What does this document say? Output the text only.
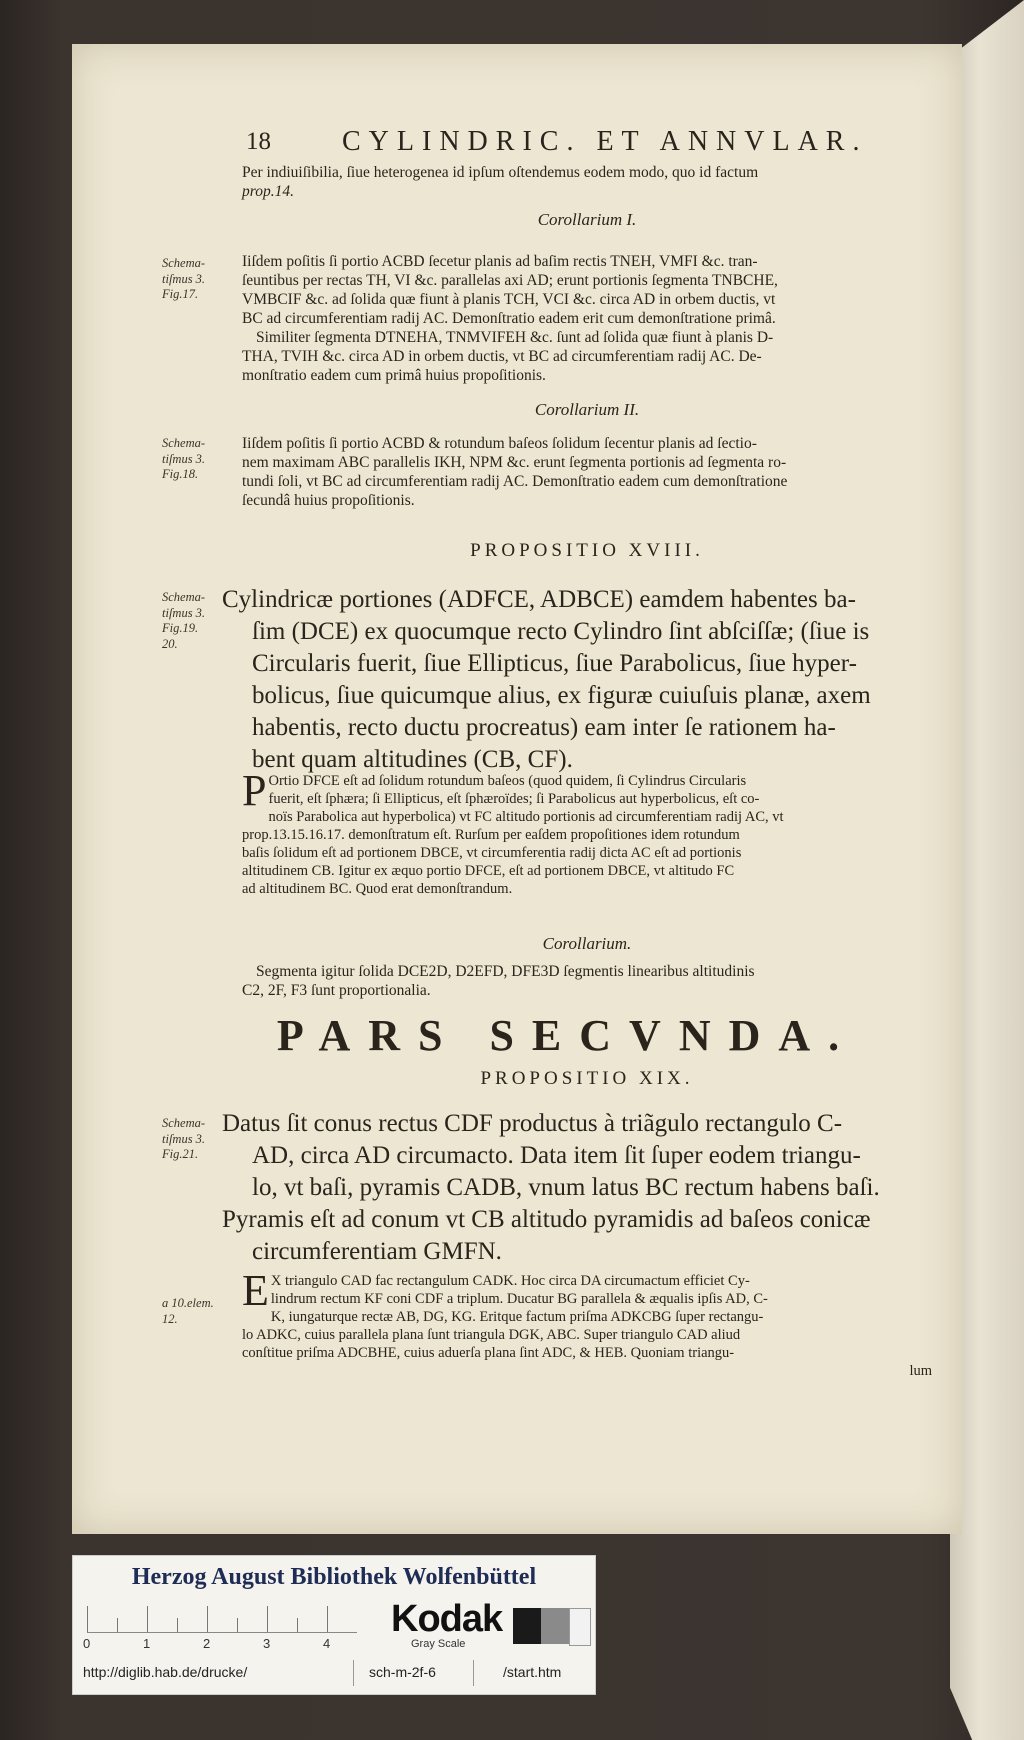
18	CYLINDRIC. ET ANNVLAR.
Per indiuiſibilia, ſiue heterogenea id ipſum oſtendemus eodem modo, quo id factum
prop.14.
Corollarium I.
Schema-
tiſmus 3.
Fig.17.
Iiſdem poſitis ſi portio ACBD ſecetur planis ad baſim rectis TNEH, VMFI &c. tran-
ſeuntibus per rectas TH, VI &c. parallelas axi AD; erunt portionis ſegmenta TNBCHE,
VMBCIF &c. ad ſolida quæ fiunt à planis TCH, VCI &c. circa AD in orbem ductis, vt
BC ad circumferentiam radij AC. Demonſtratio eadem erit cum demonſtratione primâ.
Similiter ſegmenta DTNEHA, TNMVIFEH &c. ſunt ad ſolida quæ fiunt à planis D-
THA, TVIH &c. circa AD in orbem ductis, vt BC ad circumferentiam radij AC. De-
monſtratio eadem cum primâ huius propoſitionis.
Corollarium II.
Schema-
tiſmus 3.
Fig.18.
Iiſdem poſitis ſi portio ACBD & rotundum baſeos ſolidum ſecentur planis ad ſectio-
nem maximam ABC parallelis IKH, NPM &c. erunt ſegmenta portionis ad ſegmenta ro-
tundi ſoli, vt BC ad circumferentiam radij AC. Demonſtratio eadem cum demonſtratione
ſecundâ huius propoſitionis.
PROPOSITIO XVIII.
Schema-
tiſmus 3.
Fig.19.
20.
Cylindricæ portiones (ADFCE, ADBCE) eamdem habentes ba-
ſim (DCE) ex quocumque recto Cylindro ſint abſciſſæ; (ſiue is
Circularis fuerit, ſiue Ellipticus, ſiue Parabolicus, ſiue hyper-
bolicus, ſiue quicumque alius, ex figuræ cuiuſuis planæ, axem
habentis, recto ductu procreatus) eam inter ſe rationem ha-
bent quam altitudines (CB, CF).
P Ortio DFCE eſt ad ſolidum rotundum baſeos (quod quidem, ſi Cylindrus Circularis
fuerit, eſt ſphæra; ſi Ellipticus, eſt ſphæroïdes; ſi Parabolicus aut hyperbolicus, eſt co-
noïs Parabolica aut hyperbolica) vt FC altitudo portionis ad circumferentiam radij AC, vt
prop.13.15.16.17. demonſtratum eſt. Rurſum per eaſdem propoſitiones idem rotundum
baſis ſolidum eſt ad portionem DBCE, vt circumferentia radij dicta AC eſt ad portionis
altitudinem CB. Igitur ex æquo portio DFCE, eſt ad portionem DBCE, vt altitudo FC
ad altitudinem BC. Quod erat demonſtrandum.
Corollarium.
Segmenta igitur ſolida DCE2D, D2EFD, DFE3D ſegmentis linearibus altitudinis
C2, 2F, F3 ſunt proportionalia.
PARS SECVNDA.
PROPOSITIO XIX.
Schema-
tiſmus 3.
Fig.21.
Datus ſit conus rectus CDF productus à triãgulo rectangulo C-
AD, circa AD circumacto. Data item ſit ſuper eodem triangu-
lo, vt baſi, pyramis CADB, vnum latus BC rectum habens baſi.
Pyramis eſt ad conum vt CB altitudo pyramidis ad baſeos conicæ
circumferentiam GMFN.
a 10.elem.
12.
E X triangulo CAD fac rectangulum CADK. Hoc circa DA circumactum efficiet Cy-
lindrum rectum KF coni CDF a triplum. Ducatur BG parallela & æqualis ipſis AD, C-
K, iungaturque rectæ AB, DG, KG. Eritque factum priſma ADKCBG ſuper rectangu-
lo ADKC, cuius parallela plana ſunt triangula DGK, ABC. Super triangulo CAD aliud
conſtitue priſma ADCBHE, cuius aduerſa plana ſint ADC, & HEB. Quoniam triangu-
lum
Herzog August Bibliothek Wolfenbüttel
0	1	2	3	4
Kodak
Gray Scale
http://diglib.hab.de/drucke/	sch-m-2f-6	/start.htm
